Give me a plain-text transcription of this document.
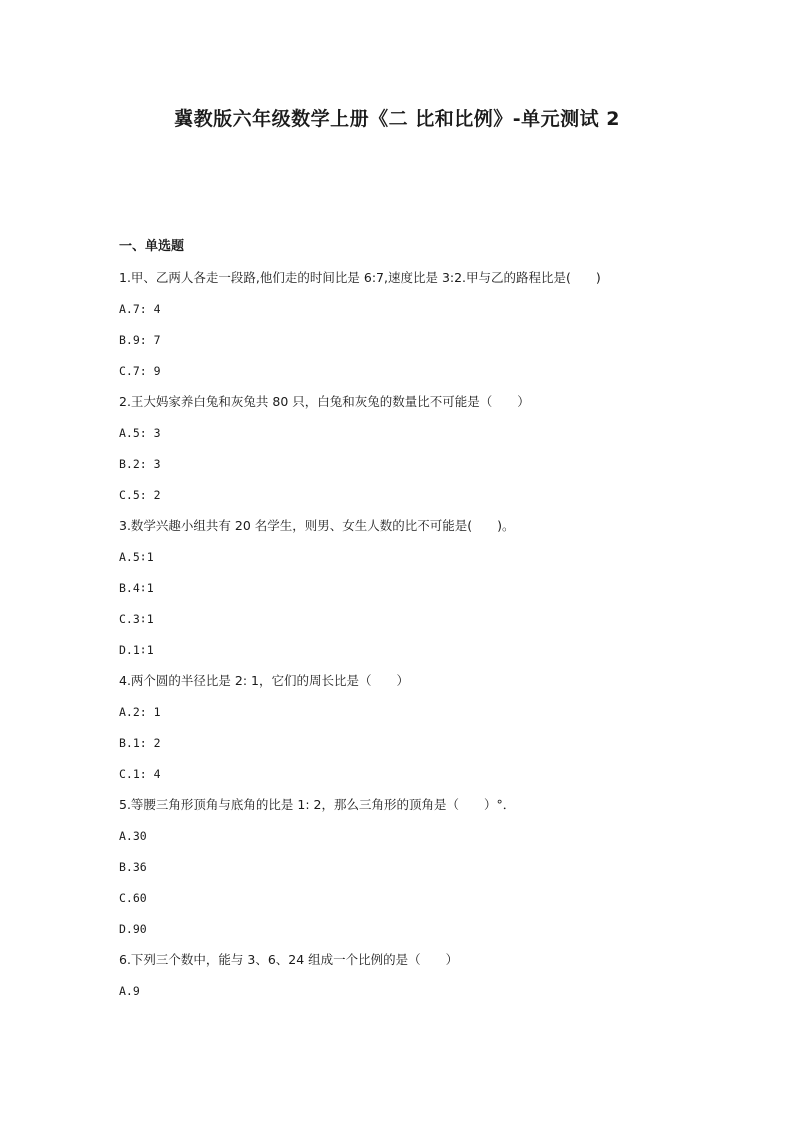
冀教版六年级数学上册《二 比和比例》-单元测试 2
一、单选题
1.甲、乙两人各走一段路,他们走的时间比是 6:7,速度比是 3:2.甲与乙的路程比是(　　)
A.7: 4
B.9: 7
C.7: 9
2.王大妈家养白兔和灰兔共 80 只，白兔和灰兔的数量比不可能是（　　）
A.5: 3
B.2: 3
C.5: 2
3.数学兴趣小组共有 20 名学生，则男、女生人数的比不可能是(　　)。
A.5∶1
B.4∶1
C.3∶1
D.1∶1
4.两个圆的半径比是 2: 1，它们的周长比是（　　）
A.2: 1
B.1: 2
C.1: 4
5.等腰三角形顶角与底角的比是 1: 2，那么三角形的顶角是（　　）°．
A.30
B.36
C.60
D.90
6.下列三个数中，能与 3、6、24 组成一个比例的是（　　）
A.9
